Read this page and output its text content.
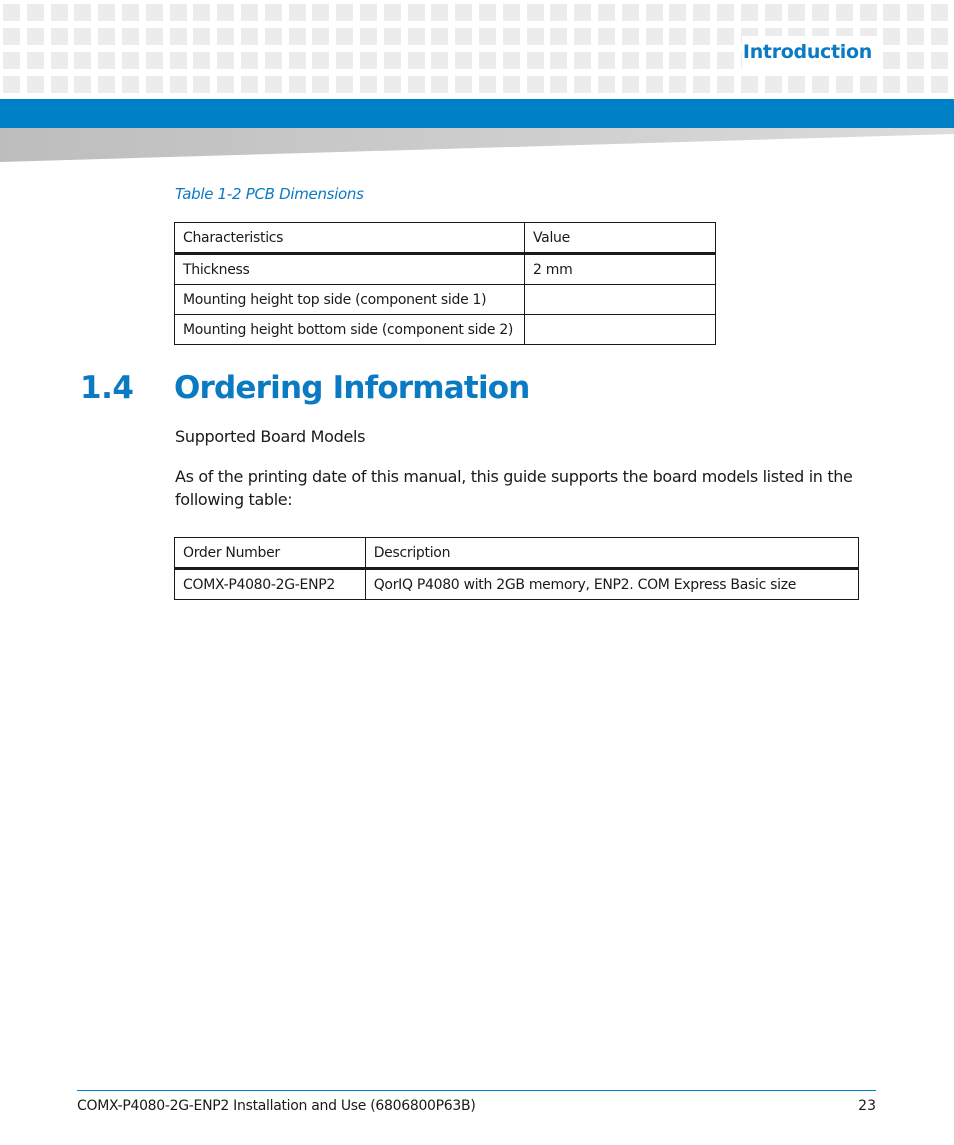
Introduction
Table 1-2 PCB Dimensions
Characteristics	Value
Thickness	2 mm
Mounting height top side (component side 1)	
Mounting height bottom side (component side 2)	
1.4 Ordering Information
Supported Board Models

As of the printing date of this manual, this guide supports the board models listed in the following table:

Order Number	Description
COMX-P4080-2G-ENP2	QorIQ P4080 with 2GB memory, ENP2. COM Express Basic size
COMX-P4080-2G-ENP2 Installation and Use (6806800P63B)	23
